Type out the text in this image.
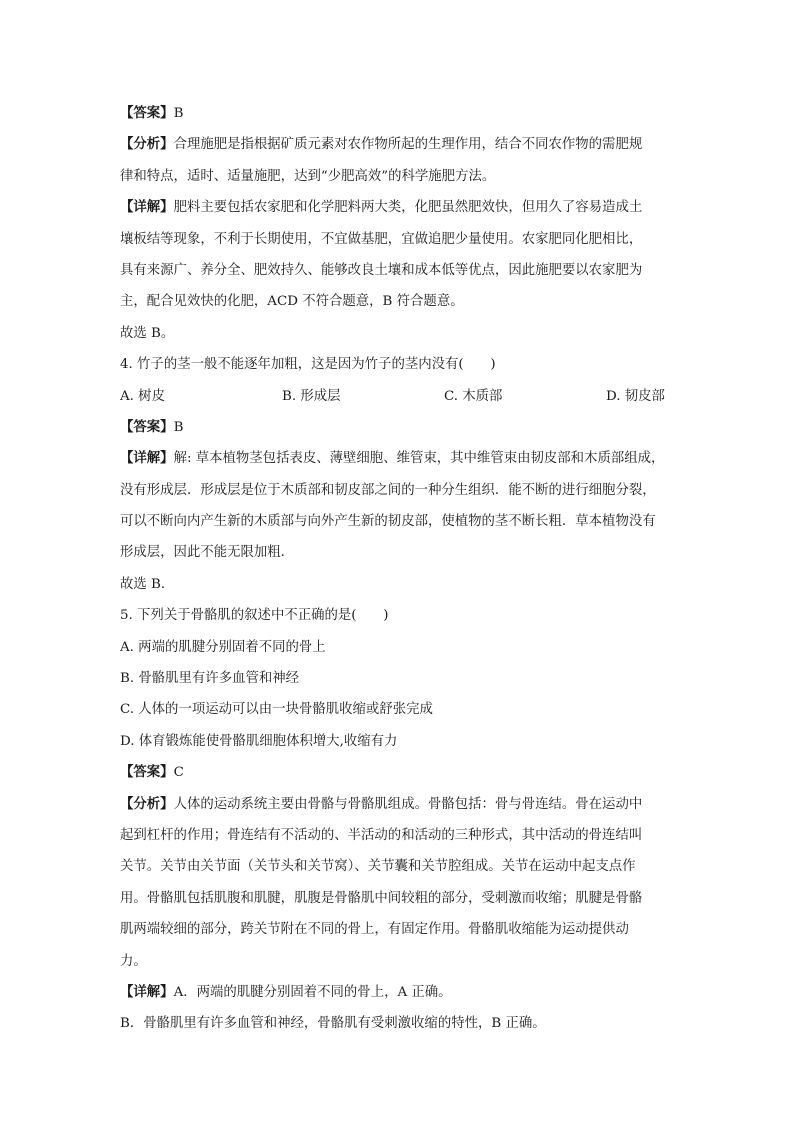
【答案】B
【分析】合理施肥是指根据矿质元素对农作物所起的生理作用，结合不同农作物的需肥规
律和特点，适时、适量施肥，达到“少肥高效”的科学施肥方法。
【详解】肥料主要包括农家肥和化学肥料两大类，化肥虽然肥效快，但用久了容易造成土
壤板结等现象，不利于长期使用，不宜做基肥，宜做追肥少量使用。农家肥同化肥相比，
具有来源广、养分全、肥效持久、能够改良土壤和成本低等优点，因此施肥要以农家肥为
主，配合见效快的化肥，ACD 不符合题意，B 符合题意。
故选 B。
4. 竹子的茎一般不能逐年加粗，这是因为竹子的茎内没有(　　)
A. 树皮	B. 形成层	C. 木质部	D. 韧皮部
【答案】B
【详解】解: 草本植物茎包括表皮、薄壁细胞、维管束，其中维管束由韧皮部和木质部组成，
没有形成层．形成层是位于木质部和韧皮部之间的一种分生组织．能不断的进行细胞分裂，
可以不断向内产生新的木质部与向外产生新的韧皮部，使植物的茎不断长粗．草本植物没有
形成层，因此不能无限加粗．
故选 B．
5. 下列关于骨骼肌的叙述中不正确的是(　　)
A. 两端的肌腱分别固着不同的骨上
B. 骨骼肌里有许多血管和神经
C. 人体的一项运动可以由一块骨骼肌收缩或舒张完成
D. 体育锻炼能使骨骼肌细胞体积增大,收缩有力
【答案】C
【分析】人体的运动系统主要由骨骼与骨骼肌组成。骨骼包括：骨与骨连结。骨在运动中
起到杠杆的作用；骨连结有不活动的、半活动的和活动的三种形式，其中活动的骨连结叫
关节。关节由关节面（关节头和关节窝）、关节囊和关节腔组成。关节在运动中起支点作
用。骨骼肌包括肌腹和肌腱，肌腹是骨骼肌中间较粗的部分，受刺激而收缩；肌腱是骨骼
肌两端较细的部分，跨关节附在不同的骨上，有固定作用。骨骼肌收缩能为运动提供动
力。
【详解】A．两端的肌腱分别固着不同的骨上，A 正确。
B．骨骼肌里有许多血管和神经，骨骼肌有受刺激收缩的特性，B 正确。
